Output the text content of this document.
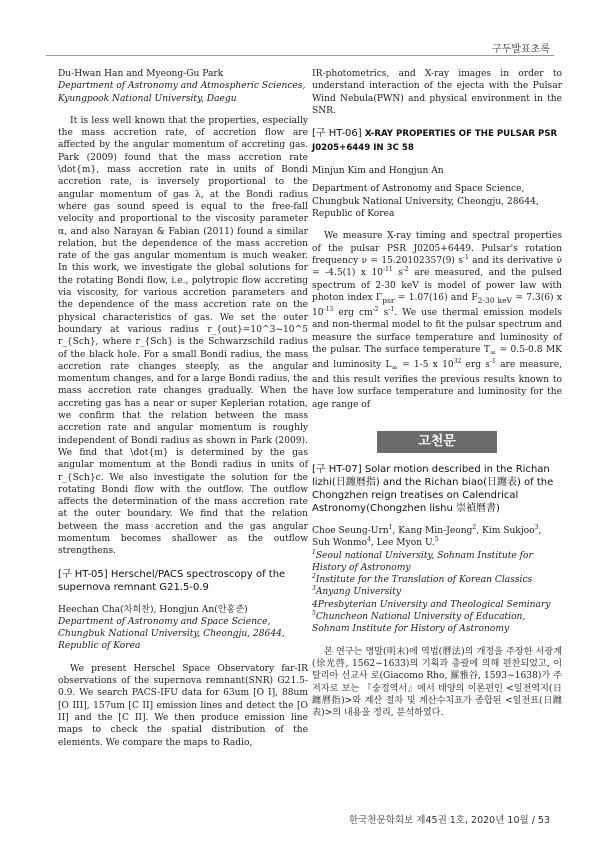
구두발표초록

Du-Hwan Han and Myeong-Gu Park

Department of Astronomy and Atmospheric Sciences, Kyungpook National University, Daegu

It is less well known that the properties, especially the mass accretion rate, of accretion flow are affected by the angular momentum of accreting gas. Park (2009) found that the mass accretion rate \dot{m}, mass accretion rate in units of Bondi accretion rate, is inversely proportional to the angular momentum of gas λ, at the Bondi radius where gas sound speed is equal to the free-fall velocity and proportional to the viscosity parameter α, and also Narayan & Fabian (2011) found a similar relation, but the dependence of the mass accretion rate of the gas angular momentum is much weaker. In this work, we investigate the global solutions for the rotating Bondi flow, i.e., polytropic flow accreting via viscosity, for various accretion parameters and the dependence of the mass accretion rate on the physical characteristics of gas. We set the outer boundary at various radius r_{out}=10^3~10^5 r_{Sch}, where r_{Sch} is the Schwarzschild radius of the black hole. For a small Bondi radius, the mass accretion rate changes steeply, as the angular momentum changes, and for a large Bondi radius, the mass accretion rate changes gradually. When the accreting gas has a near or super Keplerian rotation, we confirm that the relation between the mass accretion rate and angular momentum is roughly independent of Bondi radius as shown in Park (2009). We find that \dot{m} is determined by the gas angular momentum at the Bondi radius in units of r_{Sch}c. We also investigate the solution for the rotating Bondi flow with the outflow. The outflow affects the determination of the mass accretion rate at the outer boundary. We find that the relation between the mass accretion and the gas angular momentum becomes shallower as the outflow strengthens.

[구 HT-05] Herschel/PACS spectroscopy of the supernova remnant G21.5-0.9

Heechan Cha(차희찬), Hongjun An(안홍준)

Department of Astronomy and Space Science, Chungbuk National University, Cheongju, 28644, Republic of Korea

We present Herschel Space Observatory far-IR observations of the supernova remnant(SNR) G21.5-0.9. We search PACS-IFU data for 63um [O I], 88um [O III], 157um [C II] emission lines and detect the [O II] and the [C II]. We then produce emission line maps to check the spatial distribution of the elements. We compare the maps to Radio,

IR-photometrics, and X-ray images in order to understand interaction of the ejecta with the Pulsar Wind Nebula(PWN) and physical environment in the SNR.

[구 HT-06] X-RAY PROPERTIES OF THE PULSAR PSR J0205+6449 IN 3C 58

Minjun Kim and Hongjun An

Department of Astronomy and Space Science, Chungbuk National University, Cheongju, 28644, Republic of Korea

We measure X-ray timing and spectral properties of the pulsar PSR J0205+6449. Pulsar's rotation frequency ν = 15.20102357(9) $s^{-1}$ and its derivative ν̇ = -4.5(1) x $10^{-11}$ $s^{-2}$ are measured, and the pulsed spectrum of 2-30 keV is model of power law with photon index $\Gamma_{psr} = 1.07(16)$ and $F_{2-30 keV} = 7.3(6)$ x $10^{-13}$ erg $cm^{-2}$ $s^{-1}$. We use thermal emission models and non-thermal model to fit the pulsar spectrum and measure the surface temperature and luminosity of the pulsar. The surface temperature $T_\infty = 0.5-0.8$ MK and luminosity $L_\infty = 1-5$ x $10^{32}$ erg $s^{-1}$ are measure, and this result verifies the previous results known to have low surface temperature and luminosity for the age range of

고천문

[구 HT-07] Solar motion described in the Richan lizhi(日躔曆指) and the Richan biao(日躔表) of the Chongzhen reign treatises on Calendrical Astronomy(Chongzhen lishu 崇禎曆書)

Choe Seung-Urn$^1$, Kang Min-Jeong$^2$, Kim Sukjoo$^3$, Suh Wonmo$^4$, Lee Myon U.$^5$

$^1$Seoul national University, Sohnam Institute for History of Astronomy

$^2$Institute for the Translation of Korean Classics

$^3$Anyang University

4Presbyterian University and Theological Seminary

$^5$Chuncheon National University of Education, Sohnam Institute for History of Astronomy

본 연구는 명말(明末)에 역법(曆法)의 개정을 주장한 서광계(徐光啓, 1562~1633)의 기획과 총괄에 의해 편찬되었고, 이탈리아 선교사 로(Giacomo Rho, 羅雅谷, 1593~1638)가 주 저자로 보는 『숭정역서』에서 태양의 이론편인 <일전역지(日躔曆指)>와 계산 절차 및 계산수치표가 종합된 <일전표(日躔表)>의 내용을 정리, 분석하였다.

한국천문학회보 제45권 1호, 2020년 10월 / 53
